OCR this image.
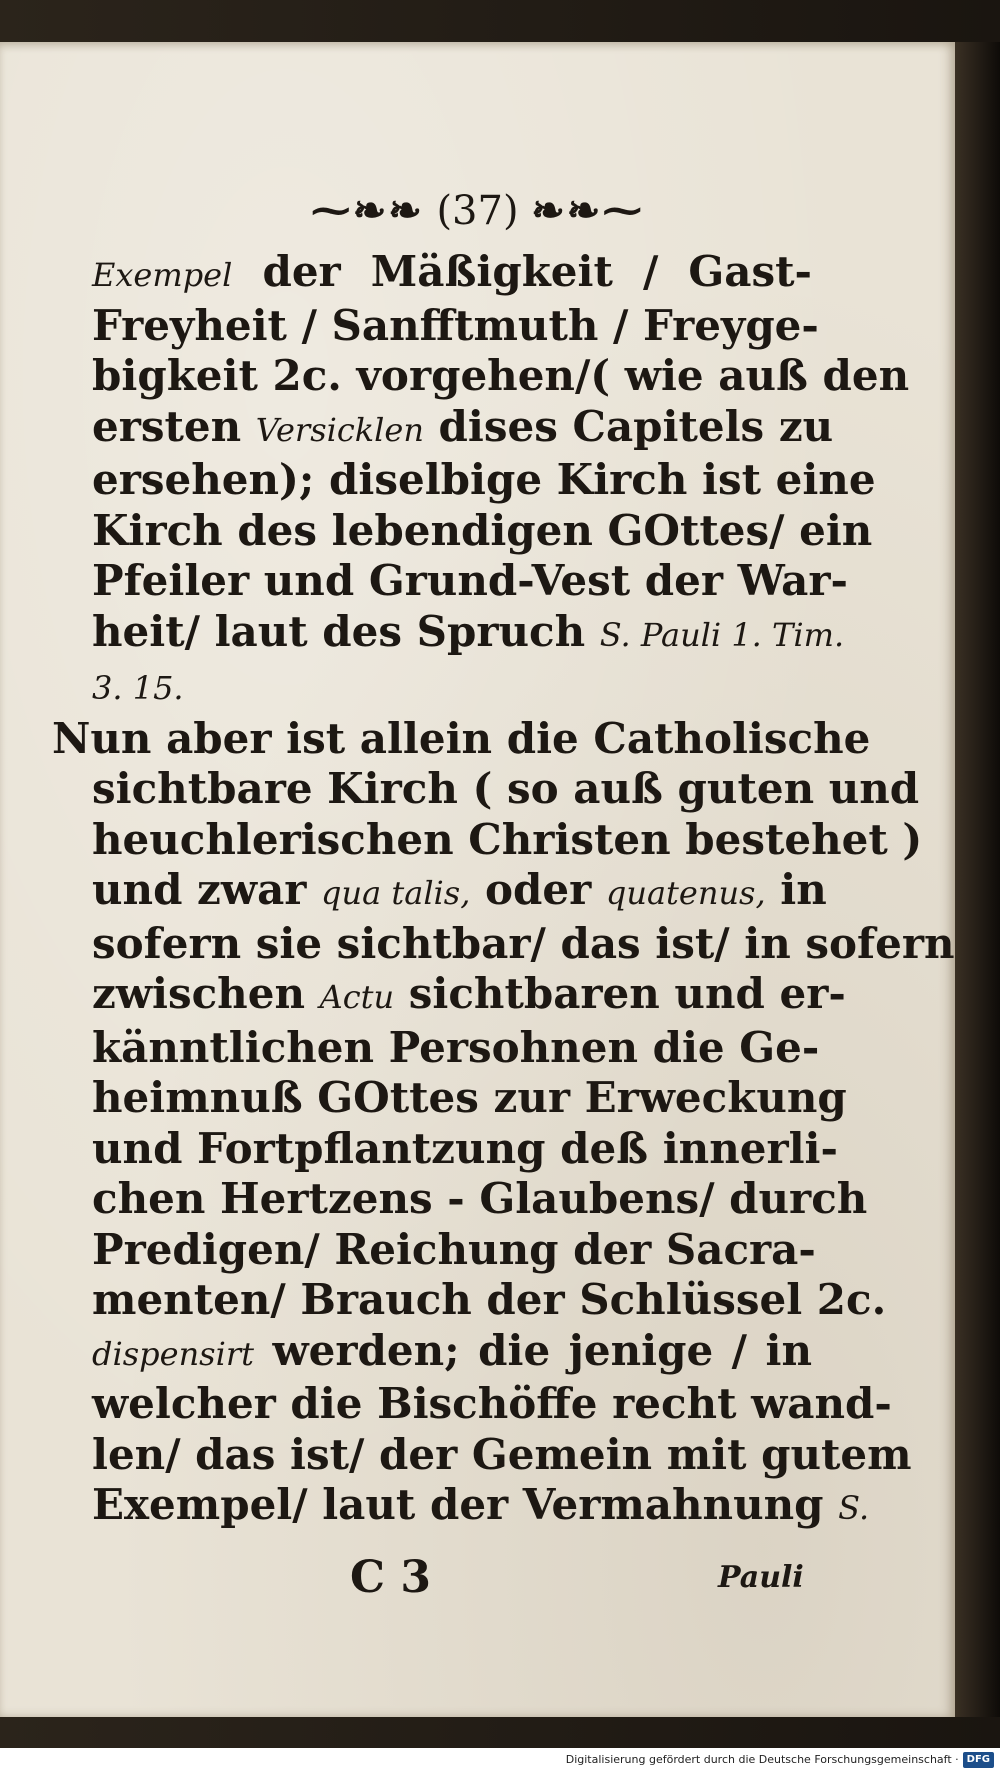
⁓❧❧ (37) ❧❧⁓
Exempel der Mäßigkeit / Gast-
Freyheit / Sanfftmuth / Freyge-
bigkeit 2c. vorgehen/( wie auß den
ersten Versicklen dises Capitels zu
ersehen); diselbige Kirch ist eine
Kirch des lebendigen GOttes/ ein
Pfeiler und Grund-Vest der War-
heit/ laut des Spruch S. Pauli 1. Tim.
3. 15.
Nun aber ist allein die Catholische
sichtbare Kirch ( so auß guten und
heuchlerischen Christen bestehet )
und zwar qua talis, oder quatenus, in
sofern sie sichtbar/ das ist/ in sofern
zwischen Actu sichtbaren und er-
känntlichen Persohnen die Ge-
heimnuß GOttes zur Erweckung
und Fortpflantzung deß innerli-
chen Hertzens - Glaubens/ durch
Predigen/ Reichung der Sacra-
menten/ Brauch der Schlüssel 2c.
dispensirt werden; die jenige / in
welcher die Bischöffe recht wand-
len/ das ist/ der Gemein mit gutem
Exempel/ laut der Vermahnung S.
C 3	Pauli
Digitalisierung gefördert durch die Deutsche Forschungsgemeinschaft · DFG
